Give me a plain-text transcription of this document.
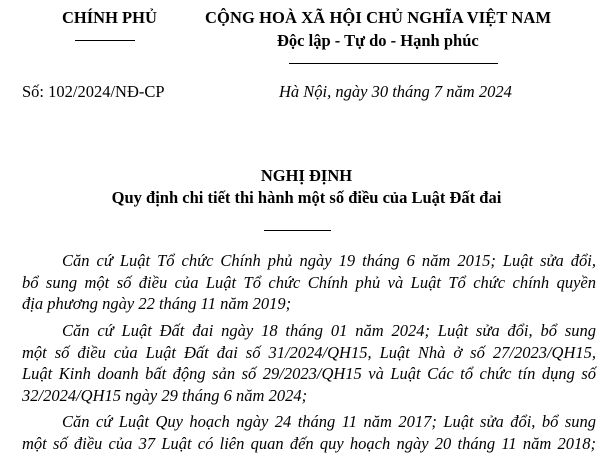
CHÍNH PHỦ	CỘNG HOÀ XÃ HỘI CHỦ NGHĨA VIỆT NAM
Độc lập - Tự do - Hạnh phúc
Số: 102/2024/NĐ-CP	Hà Nội, ngày 30 tháng 7 năm 2024
NGHỊ ĐỊNH
Quy định chi tiết thi hành một số điều của Luật Đất đai
Căn cứ Luật Tổ chức Chính phủ ngày 19 tháng 6 năm 2015; Luật sửa đổi,
bổ sung một số điều của Luật Tổ chức Chính phủ và Luật Tổ chức chính quyền
địa phương ngày 22 tháng 11 năm 2019;
Căn cứ Luật Đất đai ngày 18 tháng 01 năm 2024; Luật sửa đổi, bổ sung
một số điều của Luật Đất đai số 31/2024/QH15, Luật Nhà ở số 27/2023/QH15,
Luật Kinh doanh bất động sản số 29/2023/QH15 và Luật Các tổ chức tín dụng số
32/2024/QH15 ngày 29 tháng 6 năm 2024;
Căn cứ Luật Quy hoạch ngày 24 tháng 11 năm 2017; Luật sửa đổi, bổ sung
một số điều của 37 Luật có liên quan đến quy hoạch ngày 20 tháng 11 năm 2018;
